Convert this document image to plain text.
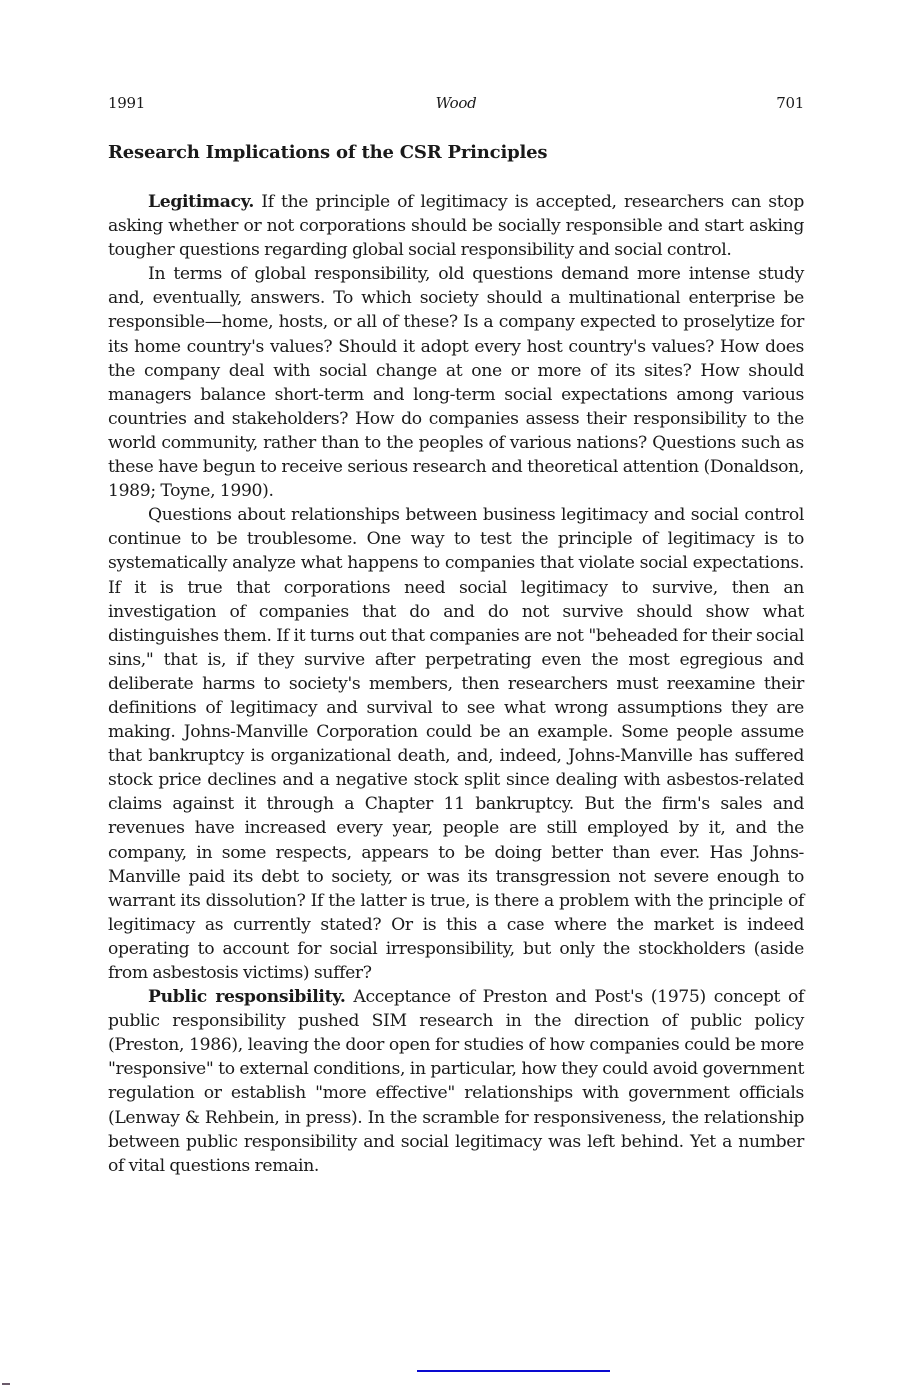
1991	Wood	701
Research Implications of the CSR Principles

Legitimacy. If the principle of legitimacy is accepted, researchers can stop asking whether or not corporations should be socially responsible and start asking tougher questions regarding global social responsibility and social control.

In terms of global responsibility, old questions demand more intense study and, eventually, answers. To which society should a multinational enterprise be responsible—home, hosts, or all of these? Is a company expected to proselytize for its home country's values? Should it adopt every host country's values? How does the company deal with social change at one or more of its sites? How should managers balance short-term and long-term social expectations among various countries and stakeholders? How do companies assess their responsibility to the world community, rather than to the peoples of various nations? Questions such as these have begun to receive serious research and theoretical attention (Donaldson, 1989; Toyne, 1990).

Questions about relationships between business legitimacy and social control continue to be troublesome. One way to test the principle of legitimacy is to systematically analyze what happens to companies that violate social expectations. If it is true that corporations need social legitimacy to survive, then an investigation of companies that do and do not survive should show what distinguishes them. If it turns out that companies are not "beheaded for their social sins," that is, if they survive after perpetrating even the most egregious and deliberate harms to society's members, then researchers must reexamine their definitions of legitimacy and survival to see what wrong assumptions they are making. Johns-Manville Corporation could be an example. Some people assume that bankruptcy is organizational death, and, indeed, Johns-Manville has suffered stock price declines and a negative stock split since dealing with asbestos-related claims against it through a Chapter 11 bankruptcy. But the firm's sales and revenues have increased every year, people are still employed by it, and the company, in some respects, appears to be doing better than ever. Has Johns-Manville paid its debt to society, or was its transgression not severe enough to warrant its dissolution? If the latter is true, is there a problem with the principle of legitimacy as currently stated? Or is this a case where the market is indeed operating to account for social irresponsibility, but only the stockholders (aside from asbestosis victims) suffer?

Public responsibility. Acceptance of Preston and Post's (1975) concept of public responsibility pushed SIM research in the direction of public policy (Preston, 1986), leaving the door open for studies of how companies could be more "responsive" to external conditions, in particular, how they could avoid government regulation or establish "more effective" relationships with government officials (Lenway & Rehbein, in press). In the scramble for responsiveness, the relationship between public responsibility and social legitimacy was left behind. Yet a number of vital questions remain.
